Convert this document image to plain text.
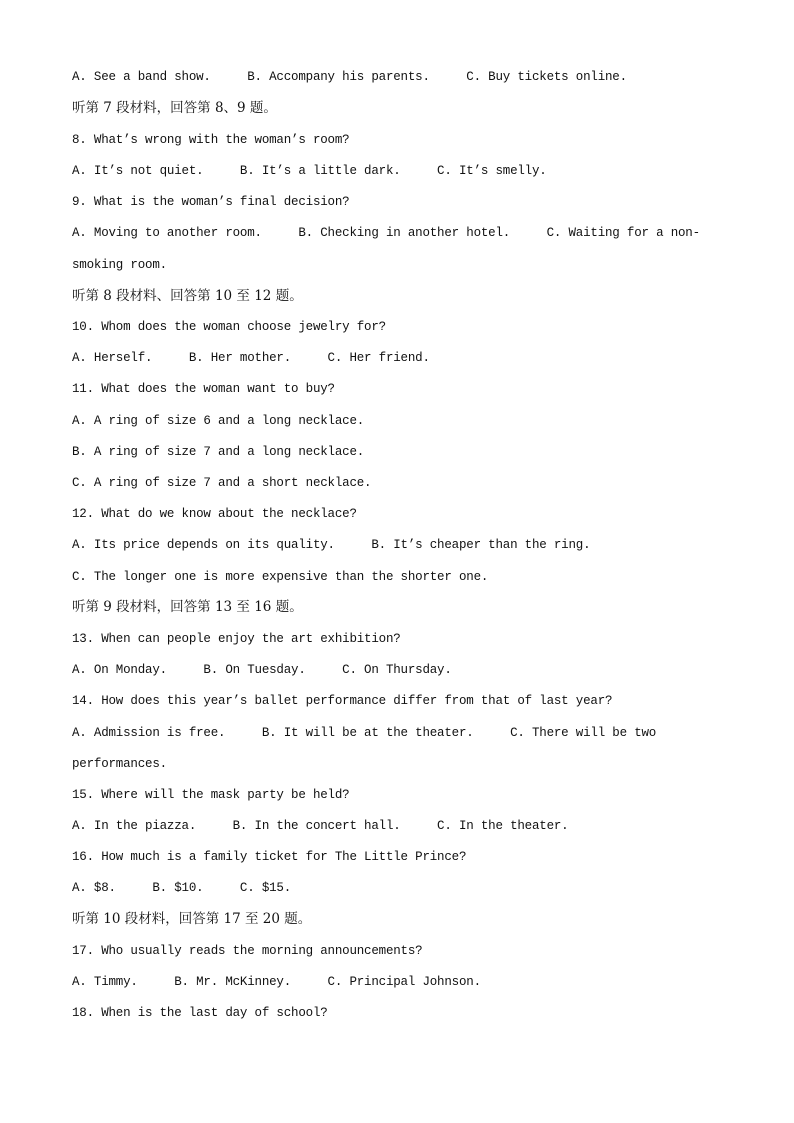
A. See a band show.     B. Accompany his parents.     C. Buy tickets online.
听第 7 段材料，回答第 8、9 题。
8. What’s wrong with the woman’s room?
A. It’s not quiet.     B. It’s a little dark.     C. It’s smelly.
9. What is the woman’s final decision?
A. Moving to another room.     B. Checking in another hotel.     C. Waiting for a non-
smoking room.
听第 8 段材料、回答第 10 至 12 题。
10. Whom does the woman choose jewelry for?
A. Herself.     B. Her mother.     C. Her friend.
11. What does the woman want to buy?
A. A ring of size 6 and a long necklace.
B. A ring of size 7 and a long necklace.
C. A ring of size 7 and a short necklace.
12. What do we know about the necklace?
A. Its price depends on its quality.     B. It’s cheaper than the ring.
C. The longer one is more expensive than the shorter one.
听第 9 段材料，回答第 13 至 16 题。
13. When can people enjoy the art exhibition?
A. On Monday.     B. On Tuesday.     C. On Thursday.
14. How does this year’s ballet performance differ from that of last year?
A. Admission is free.     B. It will be at the theater.     C. There will be two
performances.
15. Where will the mask party be held?
A. In the piazza.     B. In the concert hall.     C. In the theater.
16. How much is a family ticket for The Little Prince?
A. $8.     B. $10.     C. $15.
听第 10 段材料，回答第 17 至 20 题。
17. Who usually reads the morning announcements?
A. Timmy.     B. Mr. McKinney.     C. Principal Johnson.
18. When is the last day of school?
